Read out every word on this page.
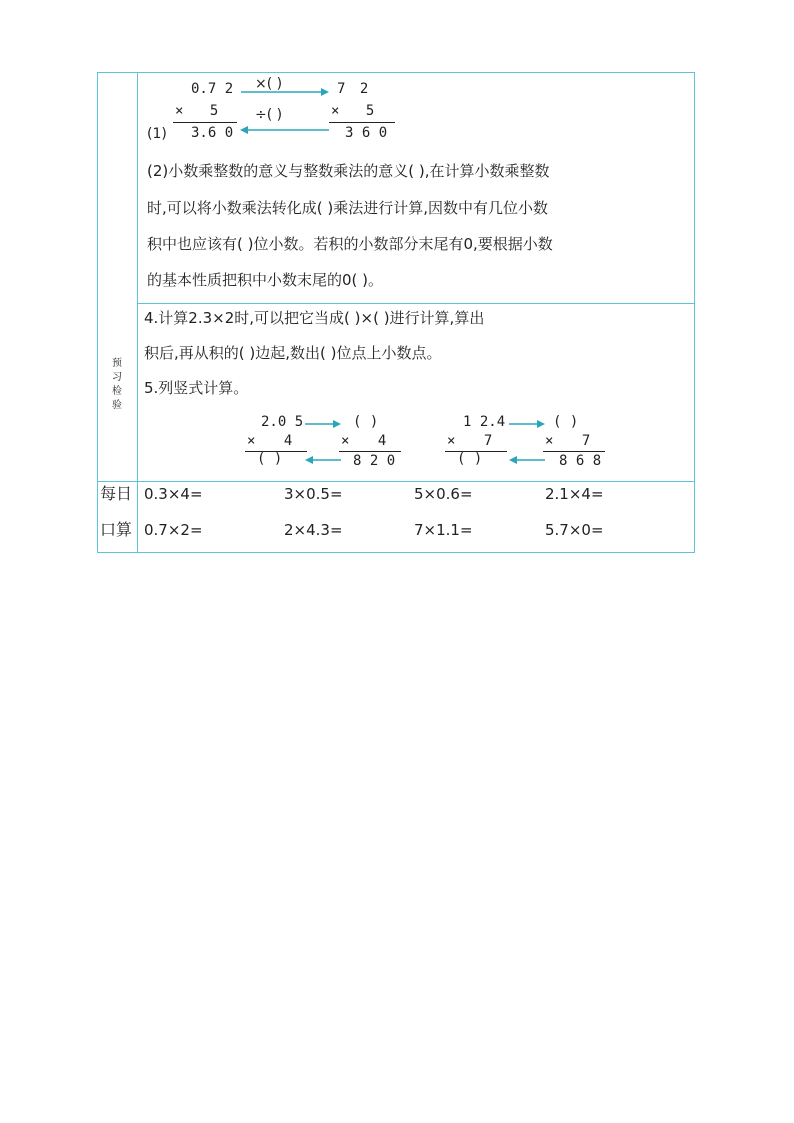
(1)
0.7 2
× 5
3.6 0
7 2
× 5
3 6 0
×( )
÷( )
(2)小数乘整数的意义与整数乘法的意义( ),在计算小数乘整数
时,可以将小数乘法转化成( )乘法进行计算,因数中有几位小数
积中也应该有( )位小数。若积的小数部分末尾有0,要根据小数
的基本性质把积中小数末尾的0( )。
预
习
检
验
4.计算2.3×2时,可以把它当成( )×( )进行计算,算出
积后,再从积的( )边起,数出( )位点上小数点。
5.列竖式计算。
2.0 5
× 4
( )
( )
× 4
8 2 0
1 2.4
× 7
( )
( )
× 7
8 6 8
每日
口算
0.3×4=	3×0.5=	5×0.6=	2.1×4=
0.7×2=	2×4.3=	7×1.1=	5.7×0=
